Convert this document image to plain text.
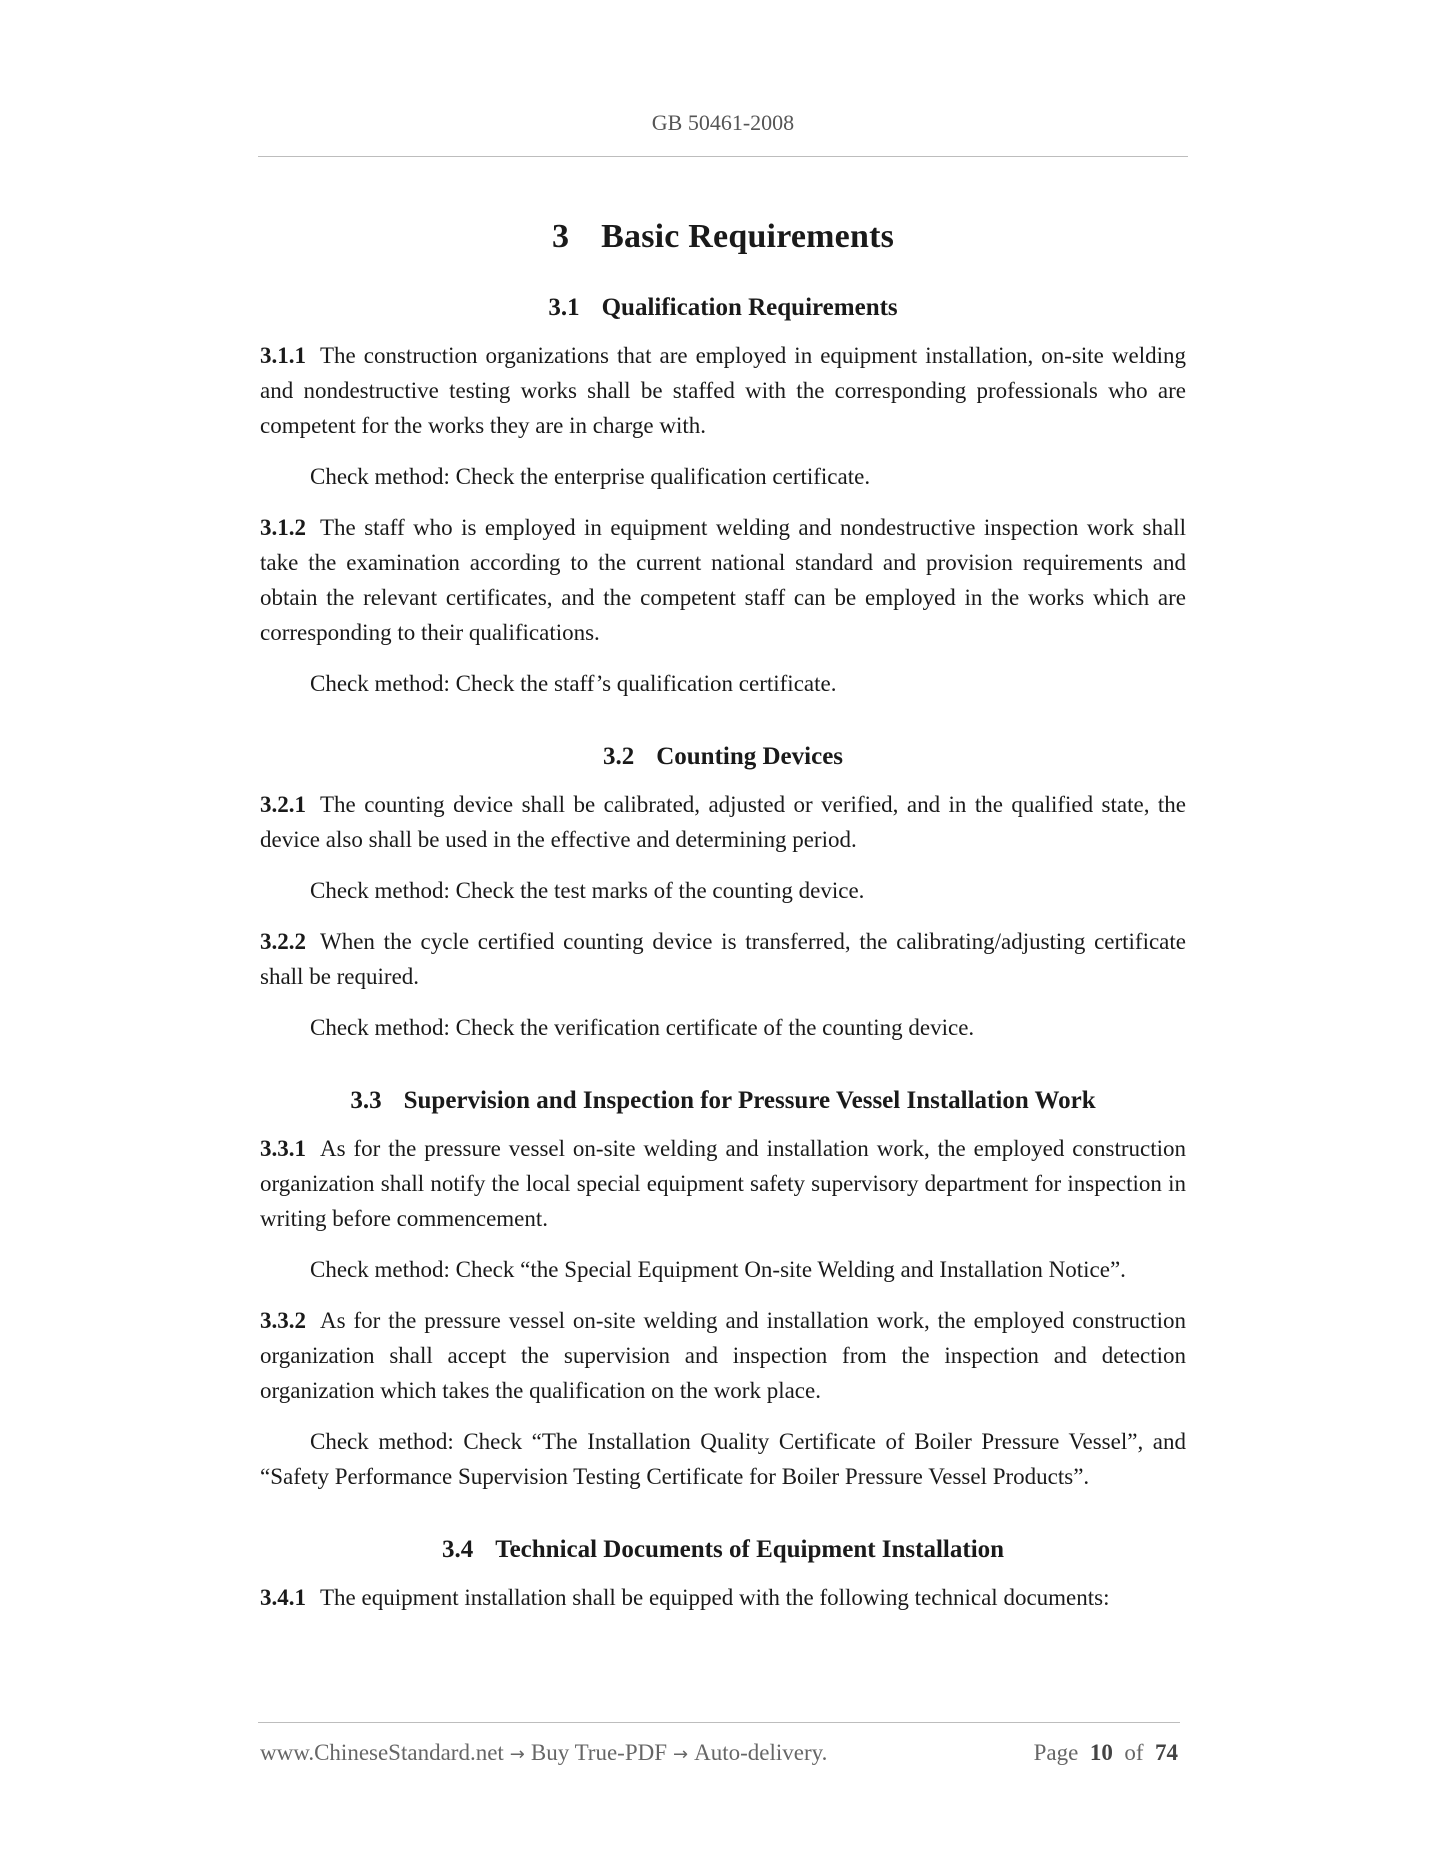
GB 50461-2008
3 Basic Requirements
3.1 Qualification Requirements

3.1.1 The construction organizations that are employed in equipment installation, on-site welding and nondestructive testing works shall be staffed with the corresponding professionals who are competent for the works they are in charge with.

Check method: Check the enterprise qualification certificate.

3.1.2 The staff who is employed in equipment welding and nondestructive inspection work shall take the examination according to the current national standard and provision requirements and obtain the relevant certificates, and the competent staff can be employed in the works which are corresponding to their qualifications.

Check method: Check the staff’s qualification certificate.

3.2 Counting Devices

3.2.1 The counting device shall be calibrated, adjusted or verified, and in the qualified state, the device also shall be used in the effective and determining period.

Check method: Check the test marks of the counting device.

3.2.2 When the cycle certified counting device is transferred, the calibrating/adjusting certificate shall be required.

Check method: Check the verification certificate of the counting device.

3.3 Supervision and Inspection for Pressure Vessel Installation Work

3.3.1 As for the pressure vessel on-site welding and installation work, the employed construction organization shall notify the local special equipment safety supervisory department for inspection in writing before commencement.

Check method: Check “the Special Equipment On-site Welding and Installation Notice”.

3.3.2 As for the pressure vessel on-site welding and installation work, the employed construction organization shall accept the supervision and inspection from the inspection and detection organization which takes the qualification on the work place.

Check method: Check “The Installation Quality Certificate of Boiler Pressure Vessel”, and “Safety Performance Supervision Testing Certificate for Boiler Pressure Vessel Products”.

3.4 Technical Documents of Equipment Installation

3.4.1 The equipment installation shall be equipped with the following technical documents:

www.ChineseStandard.net → Buy True-PDF → Auto-delivery.	Page 10 of 74
